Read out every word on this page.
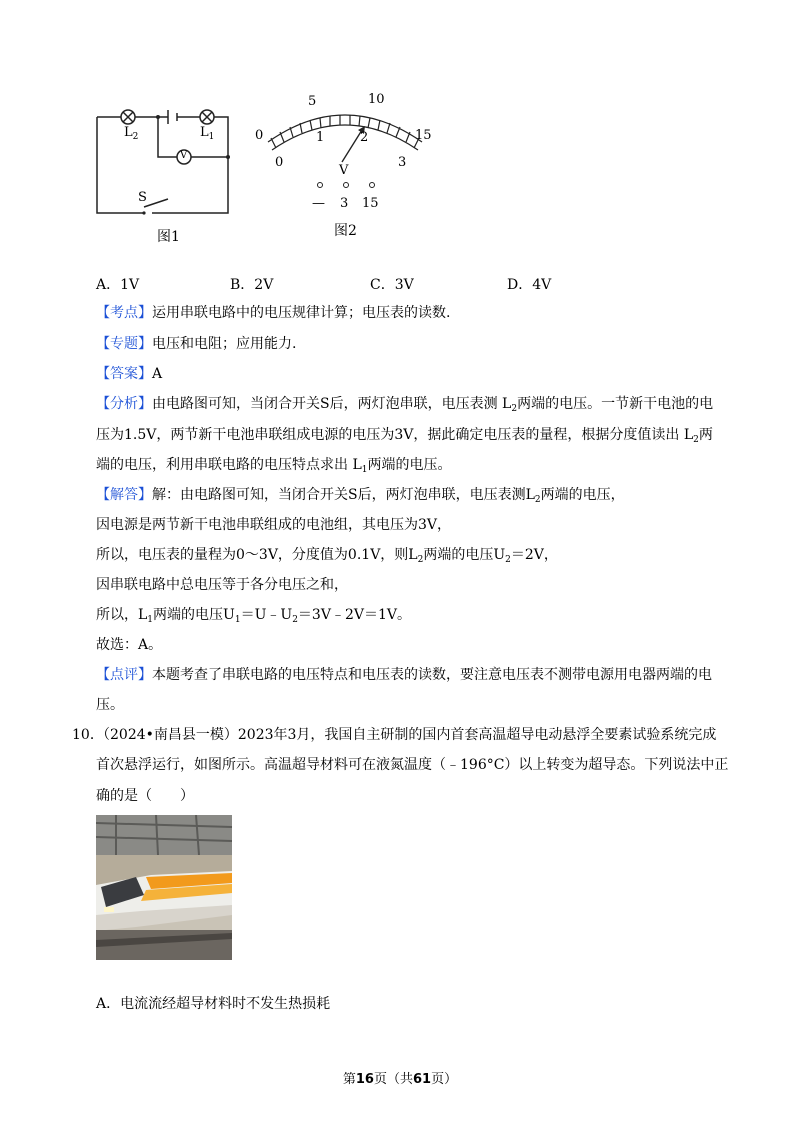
$L_2$	$L_1$
V
S
图1
0
5	10
15
0
1	2
3
V
— 3 15
图2
A．1V	B．2V	C．3V	D．4V
【考点】运用串联电路中的电压规律计算；电压表的读数.
【专题】电压和电阻；应用能力.
【答案】A
【分析】由电路图可知，当闭合开关S后，两灯泡串联，电压表测 $L_2$两端的电压。一节新干电池的电
压为1.5V，两节新干电池串联组成电源的电压为3V，据此确定电压表的量程，根据分度值读出 $L_2$两
端的电压，利用串联电路的电压特点求出 $L_1$两端的电压。
【解答】解：由电路图可知，当闭合开关S后，两灯泡串联，电压表测$L_2$两端的电压，
因电源是两节新干电池串联组成的电池组，其电压为3V，
所以，电压表的量程为0～3V，分度值为0.1V，则$L_2$两端的电压$U_2=2V$，
因串联电路中总电压等于各分电压之和，
所以，$L_1$两端的电压$U_1=U﹣U_2=3V﹣2V=1V$。
故选：A。
【点评】本题考查了串联电路的电压特点和电压表的读数，要注意电压表不测带电源用电器两端的电
压。
10．
（2024•南昌县一模）2023年3月，我国自主研制的国内首套高温超导电动悬浮全要素试验系统完成
首次悬浮运行，如图所示。高温超导材料可在液氮温度（﹣196°C）以上转变为超导态。下列说法中正
确的是（　　）
A．电流流经超导材料时不发生热损耗
第16页（共61页）
